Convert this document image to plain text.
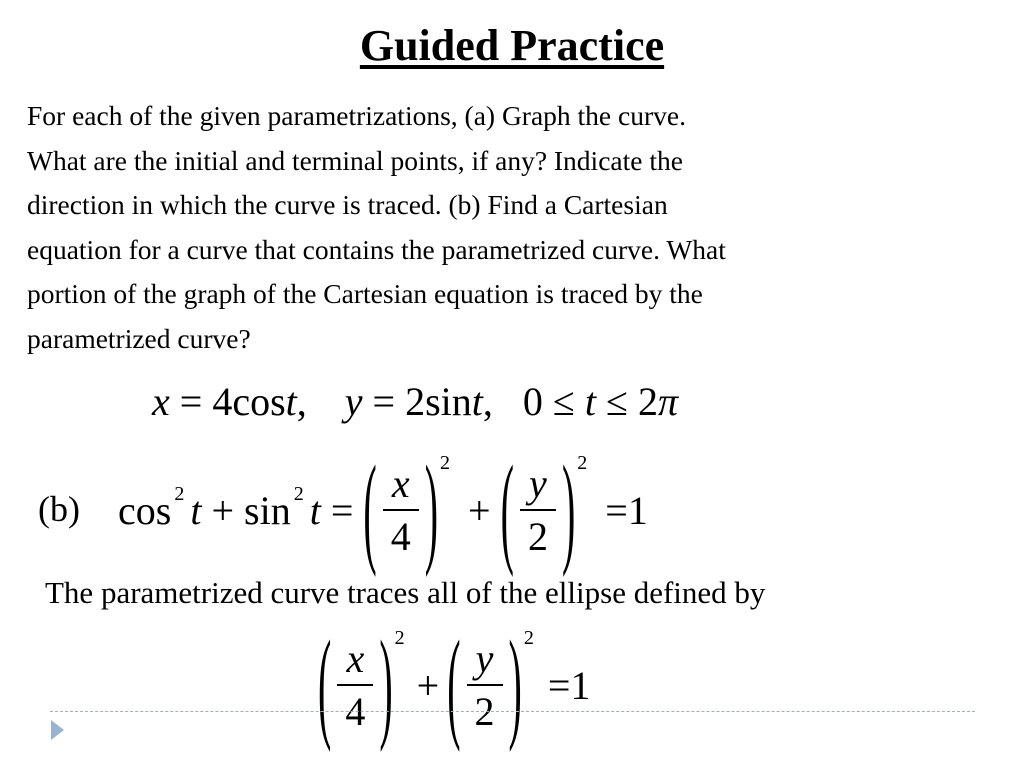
Guided Practice
For each of the given parametrizations, (a) Graph the curve.
What are the initial and terminal points, if any? Indicate the
direction in which the curve is traced. (b) Find a Cartesian
equation for a curve that contains the parametrized curve. What
portion of the graph of the Cartesian equation is traced by the
parametrized curve?
x = 4 cos t , y = 2 sin t , 0 ≤ t ≤ 2 π
(b) cos 2 t + sin 2 t = ( $\frac{x}{4}$ ) 2
+ ( $\frac{y}{2}$ ) 2
= 1
The parametrized curve traces all of the ellipse defined by
( $\frac{x}{4}$ ) 2
+ ( $\frac{y}{2}$ ) 2
= 1
